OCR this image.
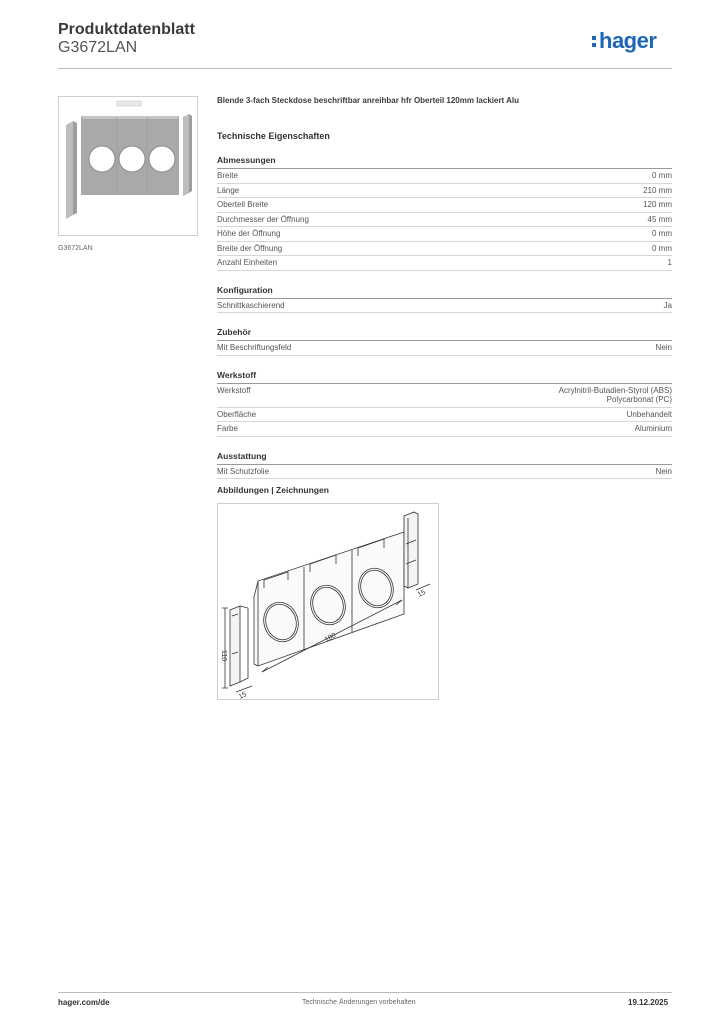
Produktdatenblatt
G3672LAN	hager
G3672LAN

Blende 3-fach Steckdose beschriftbar anreihbar hfr Oberteil 120mm lackiert Alu

Technische Eigenschaften

Abmessungen
Breite	0 mm
Länge	210 mm
Oberteil Breite	120 mm
Durchmesser der Öffnung	45 mm
Höhe der Öffnung	0 mm
Breite der Öffnung	0 mm
Anzahl Einheiten	1
Konfiguration
Schnittkaschierend	Ja
Zubehör
Mit Beschriftungsfeld	Nein
Werkstoff
Werkstoff	Acrylnitril-Butadien-Styrol (ABS)
Polycarbonat (PC)
Oberfläche	Unbehandelt
Farbe	Aluminium
Ausstattung
Mit Schutzfolie	Nein
Abbildungen | Zeichnungen
180
110
15
15
hager.com/de	Technische Änderungen vorbehalten	19.12.2025
